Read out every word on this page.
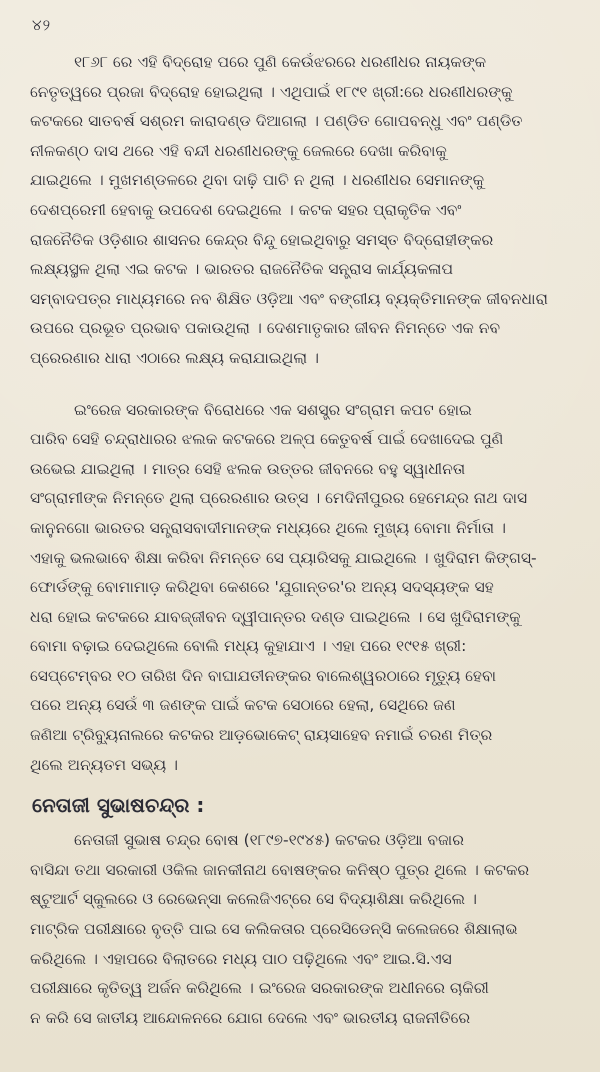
୪୨
୧୮୬୮ ରେ ଏହି ବିଦ୍ରୋହ ପରେ ପୁଣି କେଉଁଝରରେ ଧରଣୀଧର ନାୟକଙ୍କ
ନେତୃତ୍ୱରେ ପ୍ରଜା ବିଦ୍ରୋହ ହୋଇଥିଲା । ଏଥିପାଇଁ ୧୮୯୧ ଖ୍ରୀ:ରେ ଧରଣୀଧରଙ୍କୁ
କଟକରେ ସାତବର୍ଷ ସଶ୍ରମ କାରାଦଣ୍ଡ ଦିଆଗଲା । ପଣ୍ଡିତ ଗୋପବନ୍ଧୁ ଏବଂ ପଣ୍ଡିତ
ନୀଳକଣ୍ଠ ଦାସ ଥରେ ଏହି ବନ୍ଦୀ ଧରଣୀଧରଙ୍କୁ ଜେଲରେ ଦେଖା କରିବାକୁ
ଯାଇଥିଲେ । ମୁଖମଣ୍ଡଳରେ ଥିବା ଦାଢ଼ି ପାଚି ନ ଥିଲା । ଧରଣୀଧର ସେମାନଙ୍କୁ
ଦେଶପ୍ରେମୀ ହେବାକୁ ଉପଦେଶ ଦେଇଥିଲେ । କଟକ ସହର ପ୍ରାକୃତିକ ଏବଂ
ରାଜନୈତିକ ଓଡ଼ିଶାର ଶାସନର କେନ୍ଦ୍ର ବିନ୍ଦୁ ହୋଇଥିବାରୁ ସମସ୍ତ ବିଦ୍ରୋହୀଙ୍କର
ଲକ୍ଷ୍ୟସ୍ଥଳ ଥିଲା ଏଇ କଟକ । ଭାରତର ରାଜନୈତିକ ସନ୍ତ୍ରାସ କାର୍ଯ୍ୟକଳାପ
ସମ୍ବାଦପତ୍ର ମାଧ୍ୟମରେ ନବ ଶିକ୍ଷିତ ଓଡ଼ିଆ ଏବଂ ବଙ୍ଗୀୟ ବ୍ୟକ୍ତିମାନଙ୍କ ଜୀବନଧାରା
ଉପରେ ପ୍ରଭୂତ ପ୍ରଭାବ ପକାଉଥିଲା । ଦେଶମାତୃକାର ଜୀବନ ନିମନ୍ତେ ଏକ ନବ
ପ୍ରେରଣାର ଧାରା ଏଠାରେ ଲକ୍ଷ୍ୟ କରାଯାଇଥିଲା ।
ଇଂରେଜ ସରକାରଙ୍କ ବିରୋଧରେ ଏକ ସଶସ୍ତ୍ର ସଂଗ୍ରାମ କପଟ ହୋଇ
ପାରିବ ସେହି ଚନ୍ଦ୍ରାଧାରର ଝଲକ କଟକରେ ଅଳ୍ପ କେତୁବର୍ଷ ପାଇଁ ଦେଖାଦେଇ ପୁଣି
ଉଭେଇ ଯାଇଥିଲା । ମାତ୍ର ସେହି ଝଲକ ଉତ୍ତର ଜୀବନରେ ବହୁ ସ୍ୱାଧୀନତା
ସଂଗ୍ରାମୀଙ୍କ ନିମନ୍ତେ ଥିଲା ପ୍ରେରଣାର ଉତ୍ସ । ମେଦିନୀପୁରର ହେମେନ୍ଦ୍ର ନାଥ ଦାସ
କାନୁନଗୋ ଭାରତର ସନ୍ତ୍ରାସବାଦୀମାନଙ୍କ ମଧ୍ୟରେ ଥିଲେ ମୁଖ୍ୟ ବୋମା ନିର୍ମାତା ।
ଏହାକୁ ଭଲଭାବେ ଶିକ୍ଷା କରିବା ନିମନ୍ତେ ସେ ପ୍ୟାରିସକୁ ଯାଇଥିଲେ । ଖୁଦିରାମ କିଙ୍ଗସ୍-
ଫୋର୍ଡଙ୍କୁ ବୋମାମାଡ଼ କରିଥିବା କେଶରେ 'ଯୁଗାନ୍ତର'ର ଅନ୍ୟ ସଦସ୍ୟଙ୍କ ସହ
ଧରା ହୋଇ କଟକରେ ଯାବଜ୍ଜୀବନ ଦ୍ୱୀପାନ୍ତର ଦଣ୍ଡ ପାଇଥିଲେ । ସେ ଖୁଦିରାମଙ୍କୁ
ବୋମା ବଢ଼ାଇ ଦେଇଥିଲେ ବୋଲି ମଧ୍ୟ କୁହାଯାଏ । ଏହା ପରେ ୧୯୧୫ ଖ୍ରୀ:
ସେପ୍ଟେମ୍ବର ୧୦ ତାରିଖ ଦିନ ବାଘାଯତୀନଙ୍କର ବାଲେଶ୍ୱରଠାରେ ମୃତ୍ୟୁ ହେବା
ପରେ ଅନ୍ୟ ସେଉଁ ୩ ଜଣଙ୍କ ପାଇଁ କଟକ ସେଠାରେ ହେଲା, ସେଥିରେ ଜଣ
ଜଣିଆ ଟ୍ରିବ୍ୟୁନାଲରେ କଟକର ଆଡ଼ଭୋକେଟ୍ ରାୟସାହେବ ନମାଇଁ ଚରଣ ମିତ୍ର
ଥିଲେ ଅନ୍ୟତମ ସଭ୍ୟ ।
ନେତାଜୀ ସୁଭାଷଚନ୍ଦ୍ର :
ନେତାଜୀ ସୁଭାଷ ଚନ୍ଦ୍ର ବୋଷ (୧୮୯୭-୧୯୪୫) କଟକର ଓଡ଼ିଆ ବଜାର
ବାସିନ୍ଦା ତଥା ସରକାରୀ ଓକିଲ ଜାନକୀନାଥ ବୋଷଙ୍କର କନିଷ୍ଠ ପୁତ୍ର ଥିଲେ । କଟକର
ଷ୍ଟୁଆର୍ଟ ସ୍କୁଲରେ ଓ ରେଭେନ୍ସା କଲେଜିଏଟ୍‌ରେ ସେ ବିଦ୍ୟାଶିକ୍ଷା କରିଥିଲେ ।
ମାଟ୍ରିକ ପରୀକ୍ଷାରେ ବୃତ୍ତି ପାଇ ସେ କଲିକତାର ପ୍ରେସିଡେନ୍‌ସି କଲେଜରେ ଶିକ୍ଷାଲାଭ
କରିଥିଲେ । ଏହାପରେ ବିଲାତରେ ମଧ୍ୟ ପାଠ ପଢ଼ିଥିଲେ ଏବଂ ଆଇ.ସି.ଏସ
ପରୀକ୍ଷାରେ କୃତିତ୍ୱ ଅର୍ଜନ କରିଥିଲେ । ଇଂରେଜ ସରକାରଙ୍କ ଅଧୀନରେ ଚାକିରୀ
ନ କରି ସେ ଜାତୀୟ ଆନ୍ଦୋଳନରେ ଯୋଗ ଦେଲେ ଏବଂ ଭାରତୀୟ ରାଜନୀତିରେ
